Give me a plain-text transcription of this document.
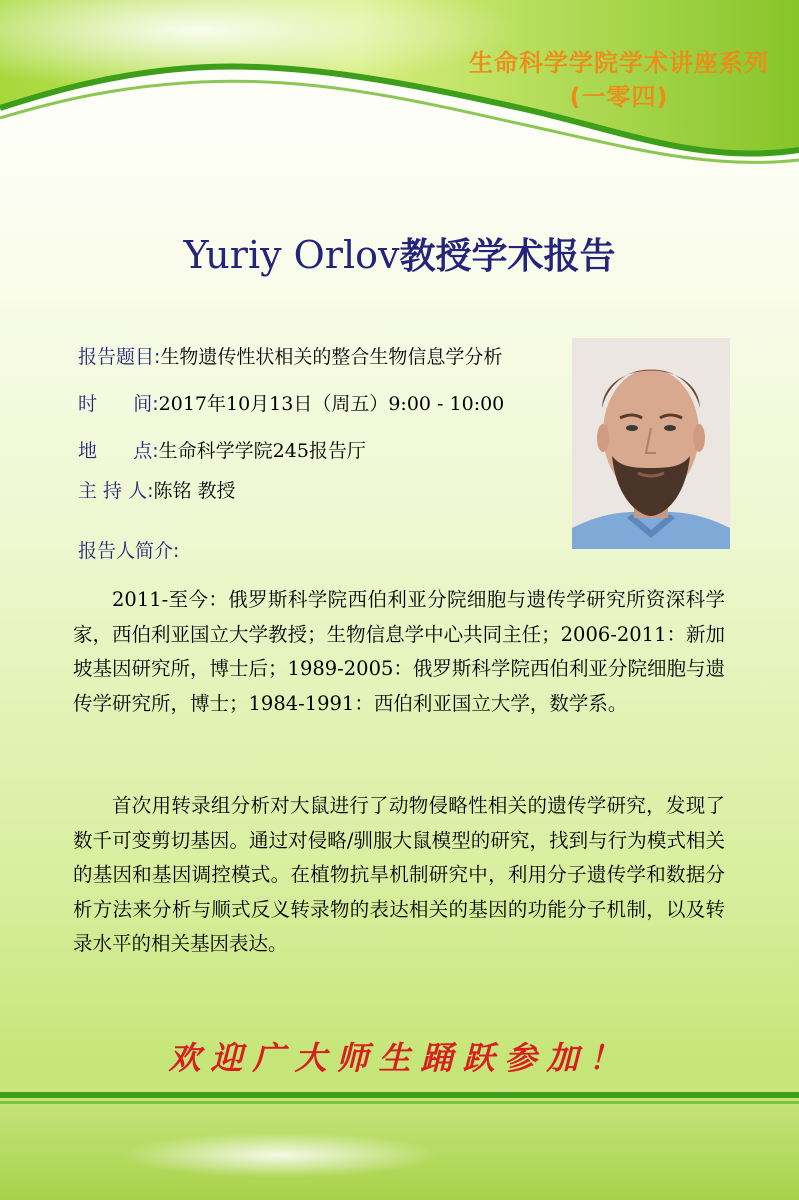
生命科学学院学术讲座系列
(一零四)
Yuriy Orlov教授学术报告
报告题目:生物遗传性状相关的整合生物信息学分析
时      间:2017年10月13日（周五）9:00 - 10:00
地      点:生命科学学院245报告厅
主 持 人:陈铭 教授
报告人简介:
2011-至今：俄罗斯科学院西伯利亚分院细胞与遗传学研究所资深科学家，西伯利亚国立大学教授；生物信息学中心共同主任；2006-2011：新加坡基因研究所，博士后；1989-2005：俄罗斯科学院西伯利亚分院细胞与遗传学研究所，博士；1984-1991：西伯利亚国立大学，数学系。
首次用转录组分析对大鼠进行了动物侵略性相关的遗传学研究，发现了数千可变剪切基因。通过对侵略/驯服大鼠模型的研究，找到与行为模式相关的基因和基因调控模式。在植物抗旱机制研究中，利用分子遗传学和数据分析方法来分析与顺式反义转录物的表达相关的基因的功能分子机制，以及转录水平的相关基因表达。
欢迎广大师生踊跃参加！
